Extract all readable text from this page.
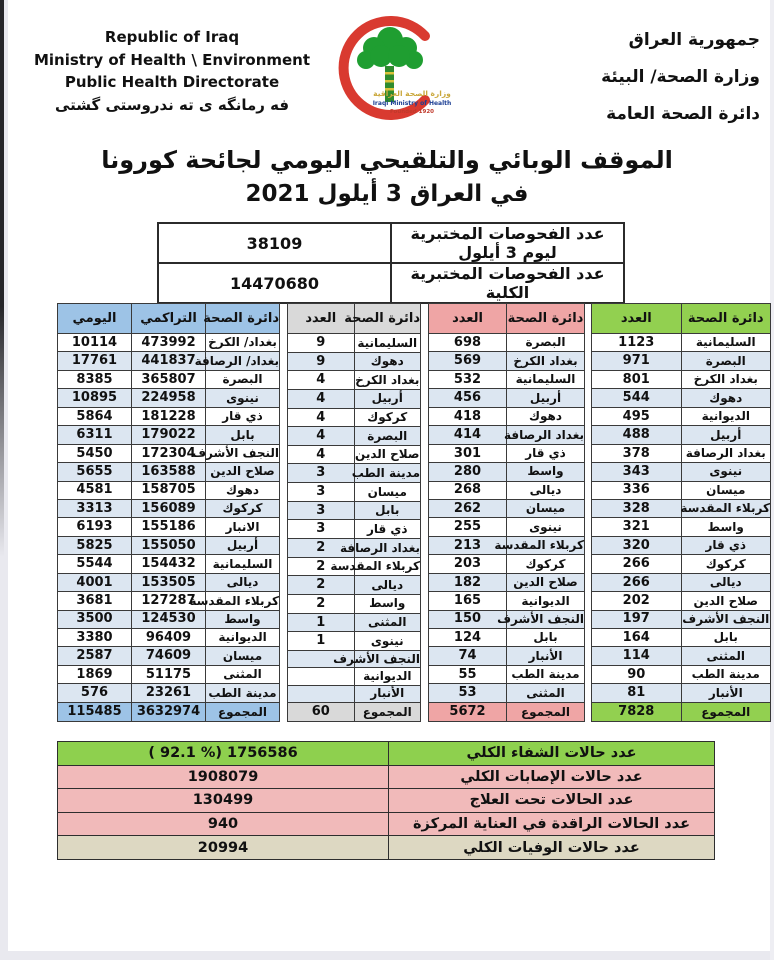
Republic of Iraq
Ministry of Health \ Environment
Public Health Directorate
فه رمانگه ی ته ندروستی گشتی
وزارة الصحة العراقية
Iraqi Ministry of Health
Founded 1920
جمهورية العراق
وزارة الصحة/ البيئة
دائرة الصحة العامة
الموقف الوبائي والتلقيحي اليومي لجائحة كورونا
في العراق 3 أيلول 2021
38109	عدد الفحوصات المختبرية ليوم 3 أيلول
14470680	عدد الفحوصات المختبرية الكلية
اليومي	التراكمي	دائرة الصحة
10114	473992	بغداد/ الكرخ
17761	441837	بغداد/ الرصافة
8385	365807	البصرة
10895	224958	نينوى
5864	181228	ذي قار
6311	179022	بابل
5450	172304	النجف الأشرف
5655	163588	صلاح الدين
4581	158705	دهوك
3313	156089	كركوك
6193	155186	الانبار
5825	155050	أربيل
5544	154432	السليمانية
4001	153505	ديالى
3681	127287	كربلاء المقدسة
3500	124530	واسط
3380	96409	الديوانية
2587	74609	ميسان
1869	51175	المثنى
576	23261	مدينة الطب
115485	3632974	المجموع
العدد	دائرة الصحة
9	السليمانية
9	دهوك
4	بغداد الكرخ
4	أربيل
4	كركوك
4	البصرة
4	صلاح الدين
3	مدينة الطب
3	ميسان
3	بابل
3	ذي قار
2	بغداد الرصافة
2	كربلاء المقدسة
2	ديالى
2	واسط
1	المثنى
1	نينوى
	النجف الأشرف
	الديوانية
	الأنبار
60	المجموع
العدد	دائرة الصحة
698	البصرة
569	بغداد الكرخ
532	السليمانية
456	أربيل
418	دهوك
414	بغداد الرصافة
301	ذي قار
280	واسط
268	ديالى
262	ميسان
255	نينوى
213	كربلاء المقدسة
203	كركوك
182	صلاح الدين
165	الديوانية
150	النجف الأشرف
124	بابل
74	الأنبار
55	مدينة الطب
53	المثنى
5672	المجموع
العدد	دائرة الصحة
1123	السليمانية
971	البصرة
801	بغداد الكرخ
544	دهوك
495	الديوانية
488	أربيل
378	بغداد الرصافة
343	نينوى
336	ميسان
328	كربلاء المقدسة
321	واسط
320	ذي قار
266	كركوك
266	ديالى
202	صلاح الدين
197	النجف الأشرف
164	بابل
114	المثنى
90	مدينة الطب
81	الأنبار
7828	المجموع
( 92.1 %) 1756586	عدد حالات الشفاء الكلي
1908079	عدد حالات الإصابات الكلي
130499	عدد الحالات تحت العلاج
940	عدد الحالات الراقدة في العناية المركزة
20994	عدد حالات الوفيات الكلي
